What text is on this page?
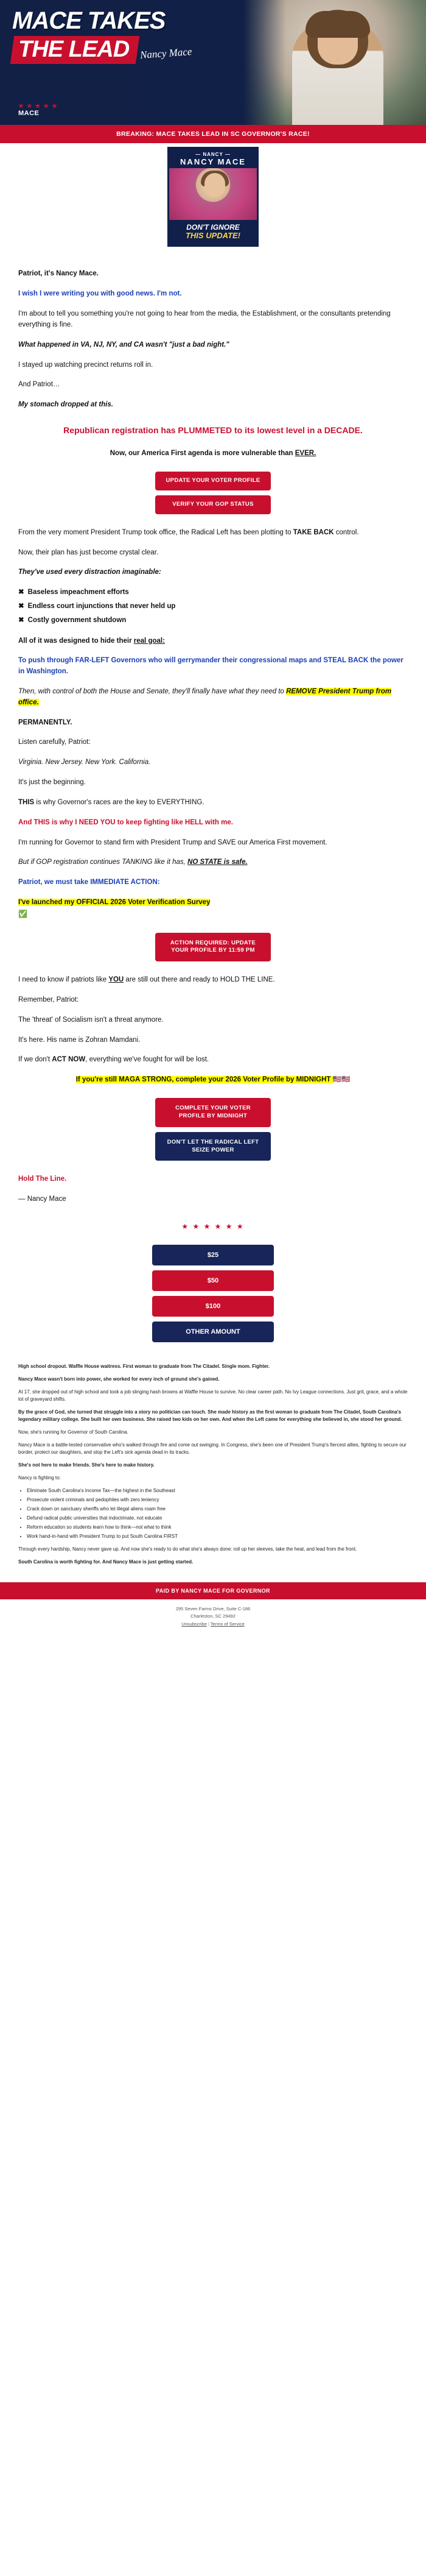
MACE TAKES
THE LEAD Nancy Mace
★ ★ ★ ★ ★
MACE
BREAKING: MACE TAKES LEAD IN SC GOVERNOR'S RACE!
— NANCY —
NANCY MACE
DON'T IGNORE
THIS UPDATE!

Patriot, it's Nancy Mace.

I wish I were writing you with good news. I'm not.

I'm about to tell you something you're not going to hear from the media, the Establishment, or the consultants pretending everything is fine.

What happened in VA, NJ, NY, and CA wasn't "just a bad night."

I stayed up watching precinct returns roll in.

And Patriot…

My stomach dropped at this.

Republican registration has PLUMMETED to its lowest level in a DECADE.

Now, our America First agenda is more vulnerable than EVER.

UPDATE YOUR VOTER PROFILE
VERIFY YOUR GOP STATUS

From the very moment President Trump took office, the Radical Left has been plotting to TAKE BACK control.

Now, their plan has just become crystal clear.

They've used every distraction imaginable:

✖ Baseless impeachment efforts
✖ Endless court injunctions that never held up
✖ Costly government shutdown

All of it was designed to hide their real goal:

To push through FAR-LEFT Governors who will gerrymander their congressional maps and STEAL BACK the power in Washington.

Then, with control of both the House and Senate, they'll finally have what they need to REMOVE President Trump from office.

PERMANENTLY.

Listen carefully, Patriot:

Virginia. New Jersey. New York. California.

It's just the beginning.

THIS is why Governor's races are the key to EVERYTHING.

And THIS is why I NEED YOU to keep fighting like HELL with me.

I'm running for Governor to stand firm with President Trump and SAVE our America First movement.

But if GOP registration continues TANKING like it has, NO STATE is safe.

Patriot, we must take IMMEDIATE ACTION:

I've launched my OFFICIAL 2026 Voter Verification Survey
✅

ACTION REQUIRED: UPDATE
YOUR PROFILE BY 11:59 PM

I need to know if patriots like YOU are still out there and ready to HOLD THE LINE.

Remember, Patriot:

The 'threat' of Socialism isn't a threat anymore.

It's here. His name is Zohran Mamdani.

If we don't ACT NOW, everything we've fought for will be lost.

If you're still MAGA STRONG, complete your 2026 Voter Profile by MIDNIGHT 🇺🇸🇺🇸

COMPLETE YOUR VOTER
PROFILE BY MIDNIGHT
DON'T LET THE RADICAL LEFT
SEIZE POWER

Hold The Line.

— Nancy Mace

★ ★ ★ ★ ★ ★
$25
$50
$100
OTHER AMOUNT

High school dropout. Waffle House waitress. First woman to graduate from The Citadel. Single mom. Fighter.

Nancy Mace wasn't born into power, she worked for every inch of ground she's gained.

At 17, she dropped out of high school and took a job slinging hash browns at Waffle House to survive. No clear career path. No Ivy League connections. Just grit, grace, and a whole lot of graveyard shifts.

By the grace of God, she turned that struggle into a story no politician can touch. She made history as the first woman to graduate from The Citadel, South Carolina's legendary military college. She built her own business. She raised two kids on her own. And when the Left came for everything she believed in, she stood her ground.

Now, she's running for Governor of South Carolina.

Nancy Mace is a battle-tested conservative who's walked through fire and come out swinging. In Congress, she's been one of President Trump's fiercest allies, fighting to secure our border, protect our daughters, and stop the Left's sick agenda dead in its tracks.

She's not here to make friends. She's here to make history.

Nancy is fighting to:

• Eliminate South Carolina's Income Tax—the highest in the Southeast
• Prosecute violent criminals and pedophiles with zero leniency
• Crack down on sanctuary sheriffs who let illegal aliens roam free
• Defund radical public universities that indoctrinate, not educate
• Reform education so students learn how to think—not what to think
• Work hand-in-hand with President Trump to put South Carolina FIRST

Through every hardship, Nancy never gave up. And now she's ready to do what she's always done: roll up her sleeves, take the heat, and lead from the front.

South Carolina is worth fighting for. And Nancy Mace is just getting started.

PAID BY NANCY MACE FOR GOVERNOR
295 Seven Farms Drive, Suite C-186
Charleston, SC 29492
Unsubscribe | Terms of Service
